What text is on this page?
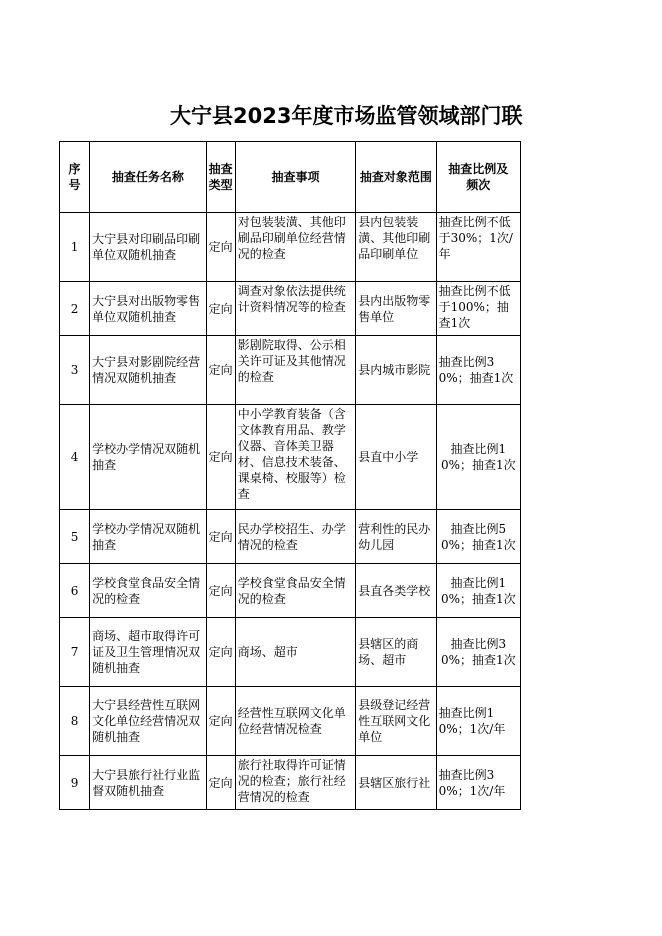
大宁县2023年度市场监管领域部门联
序号	抽查任务名称	抽查类型	抽查事项	抽查对象范围	抽查比例及频次
1	大宁县对印刷品印刷单位双随机抽查	定向	对包装装潢、其他印刷品印刷单位经营情况的检查	县内包装装潢、其他印刷品印刷单位	抽查比例不低于30%；1次/年
2	大宁县对出版物零售单位双随机抽查	定向	调查对象依法提供统计资料情况等的检查	县内出版物零售单位	抽查比例不低于100%；抽查1次
3	大宁县对影剧院经营情况双随机抽查	定向	影剧院取得、公示相关许可证及其他情况的检查	县内城市影院	抽查比例30%；抽查1次
4	学校办学情况双随机抽查	定向	中小学教育装备（含文体教育用品、教学仪器、音体美卫器材、信息技术装备、课桌椅、校服等）检查	县直中小学	抽查比例10%；抽查1次
5	学校办学情况双随机抽查	定向	民办学校招生、办学情况的检查	营利性的民办幼儿园	抽查比例50%；抽查1次
6	学校食堂食品安全情况的检查	定向	学校食堂食品安全情况的检查	县直各类学校	抽查比例10%；抽查1次
7	商场、超市取得许可证及卫生管理情况双随机抽查	定向	商场、超市	县辖区的商场、超市	抽查比例30%；抽查1次
8	大宁县经营性互联网文化单位经营情况双随机抽查	定向	经营性互联网文化单位经营情况检查	县级登记经营性互联网文化单位	抽查比例10%；1次/年
9	大宁县旅行社行业监督双随机抽查	定向	旅行社取得许可证情况的检查；旅行社经营情况的检查	县辖区旅行社	抽查比例30%；1次/年
